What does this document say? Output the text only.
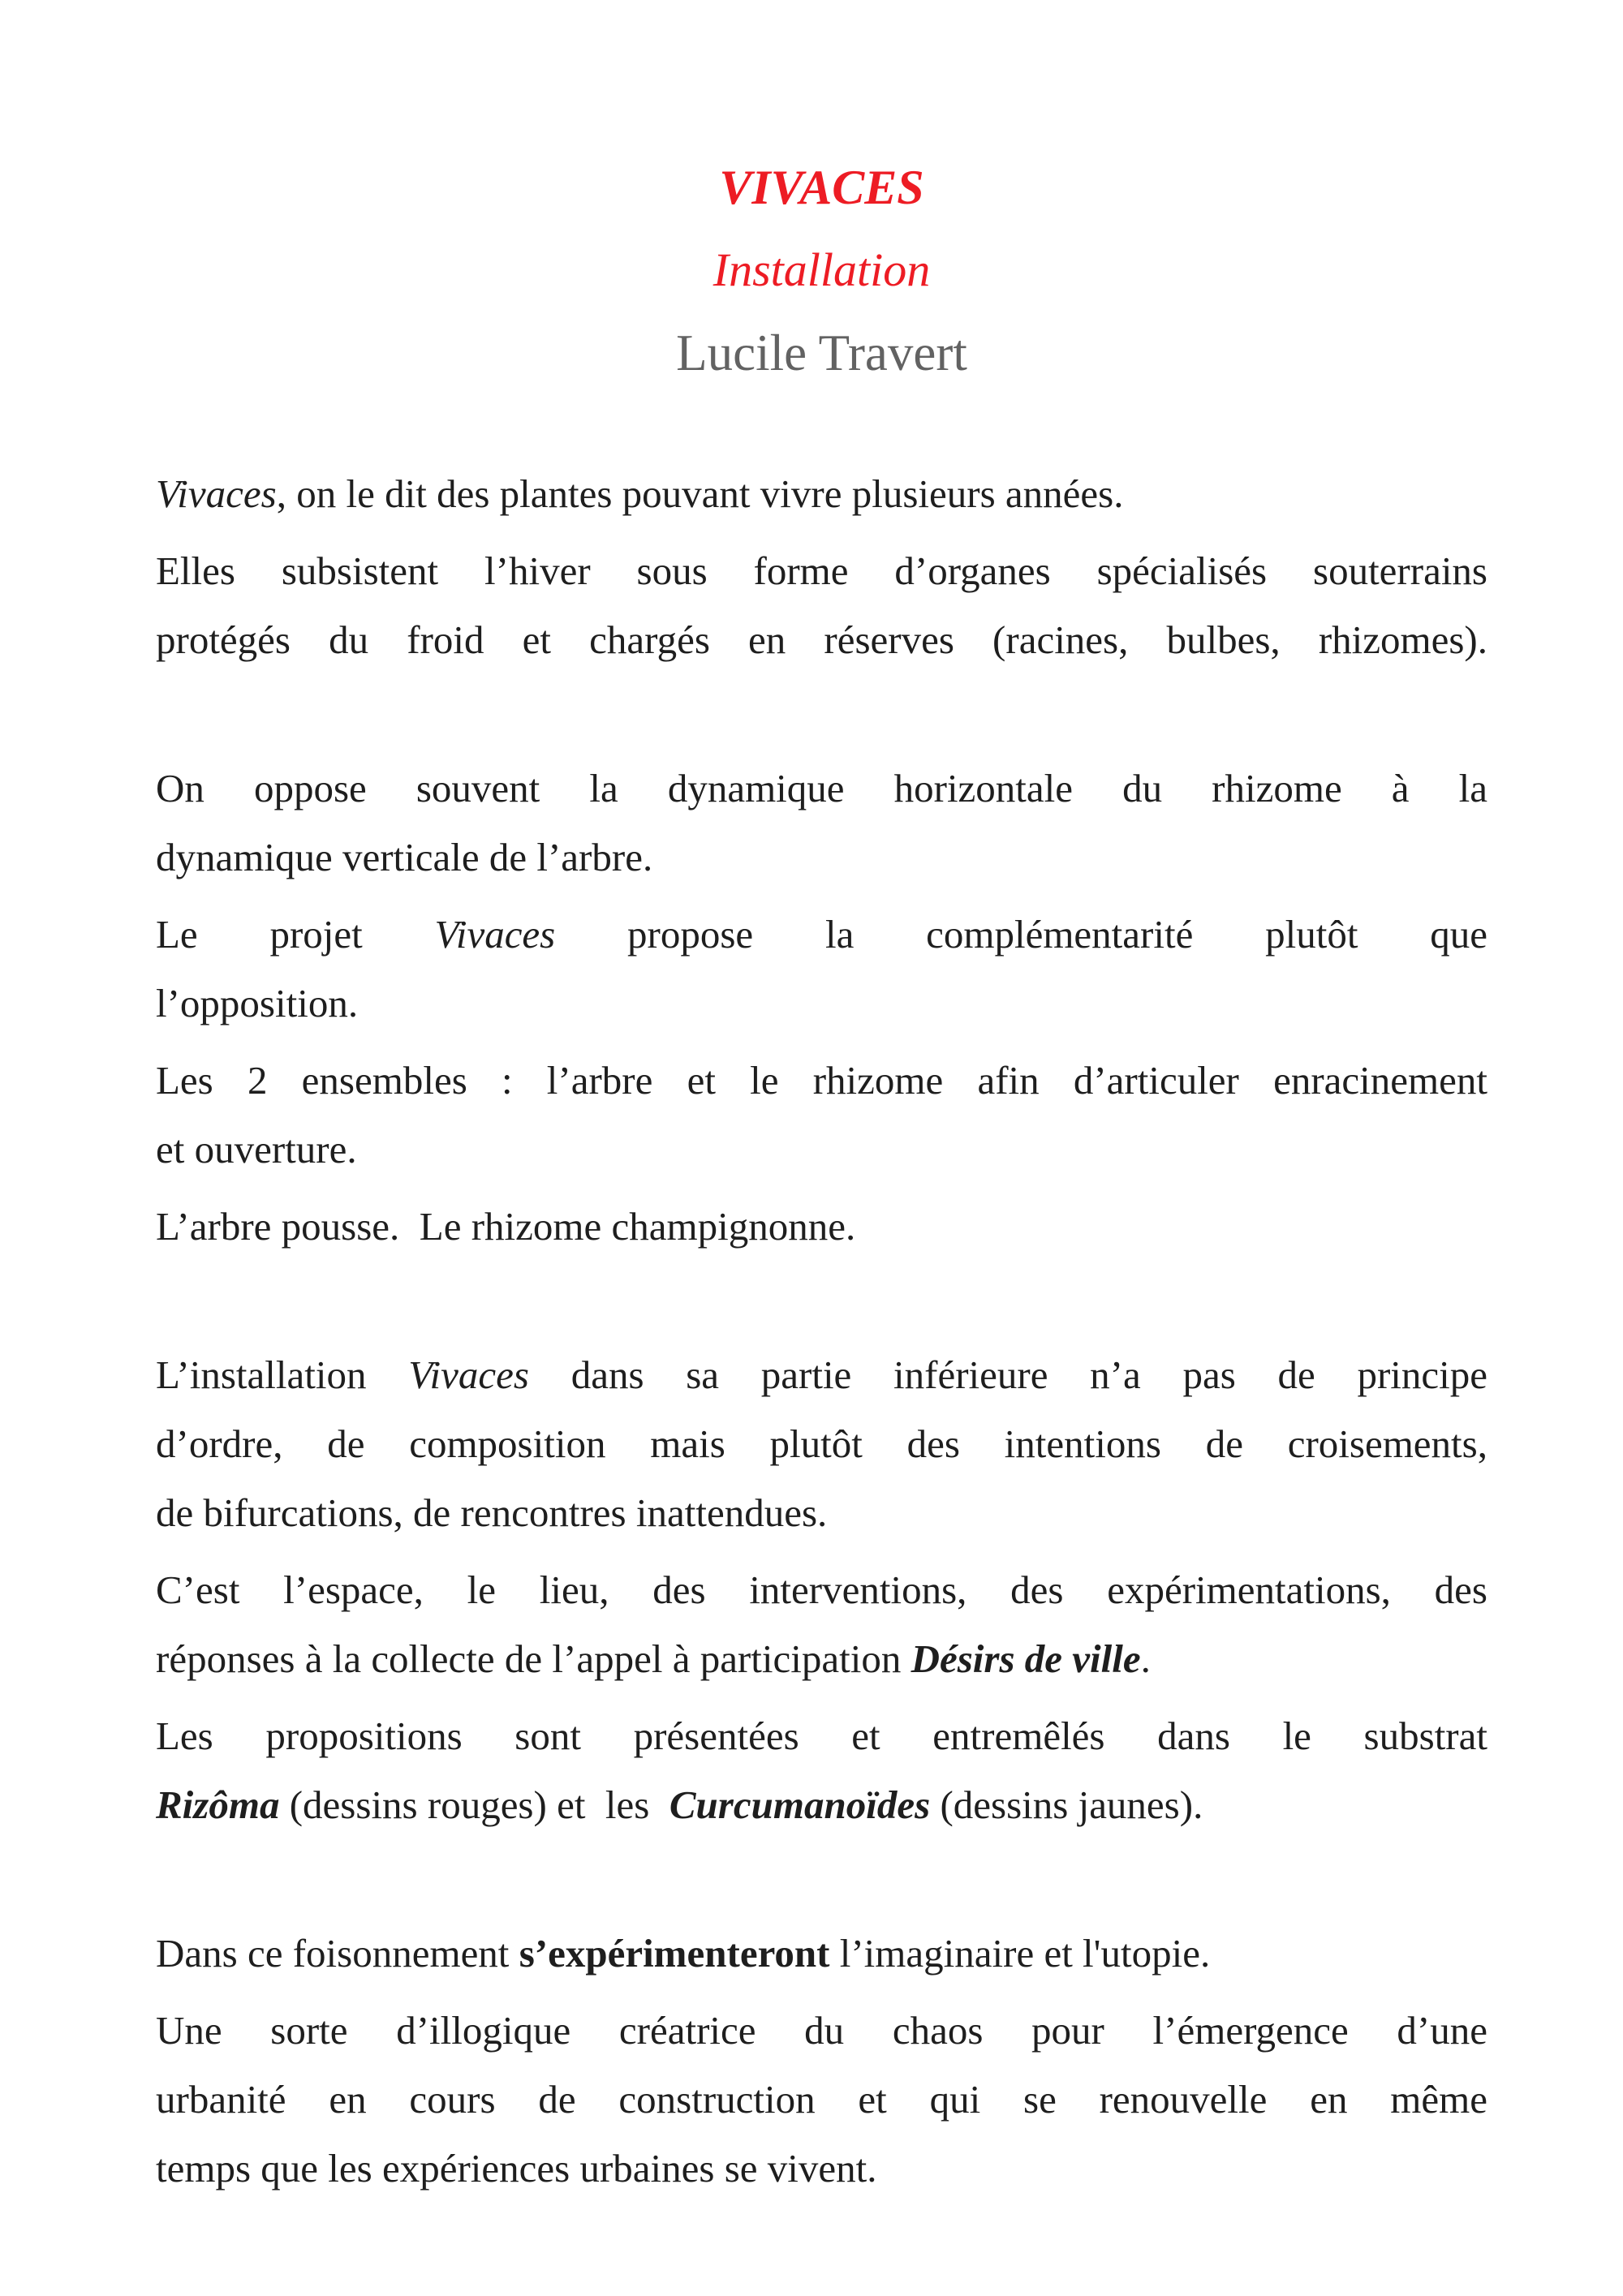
VIVACES
Installation
Lucile Travert

Vivaces, on le dit des plantes pouvant vivre plusieurs années.

Elles subsistent l’hiver sous forme d’organes spécialisés souterrains
protégés du froid et chargés en réserves (racines, bulbes, rhizomes).

On oppose souvent la dynamique horizontale du rhizome à la
dynamique verticale de l’arbre.

Le projet Vivaces propose la complémentarité plutôt que
l’opposition.

Les 2 ensembles : l’arbre et le rhizome afin d’articuler enracinement
et ouverture.

L’arbre pousse.  Le rhizome champignonne.

L’installation Vivaces dans sa partie inférieure n’a pas de principe
d’ordre, de composition mais plutôt des intentions de croisements,
de bifurcations, de rencontres inattendues.

C’est l’espace, le lieu, des interventions, des expérimentations, des
réponses à la collecte de l’appel à participation Désirs de ville.

Les propositions sont présentées et entremêlés dans le substrat
Rizôma (dessins rouges) et  les  Curcumanoïdes (dessins jaunes).

Dans ce foisonnement s’expérimenteront l’imaginaire et l'utopie.

Une sorte d’illogique créatrice du chaos pour l’émergence d’une
urbanité en cours de construction et qui se renouvelle en même
temps que les expériences urbaines se vivent.
